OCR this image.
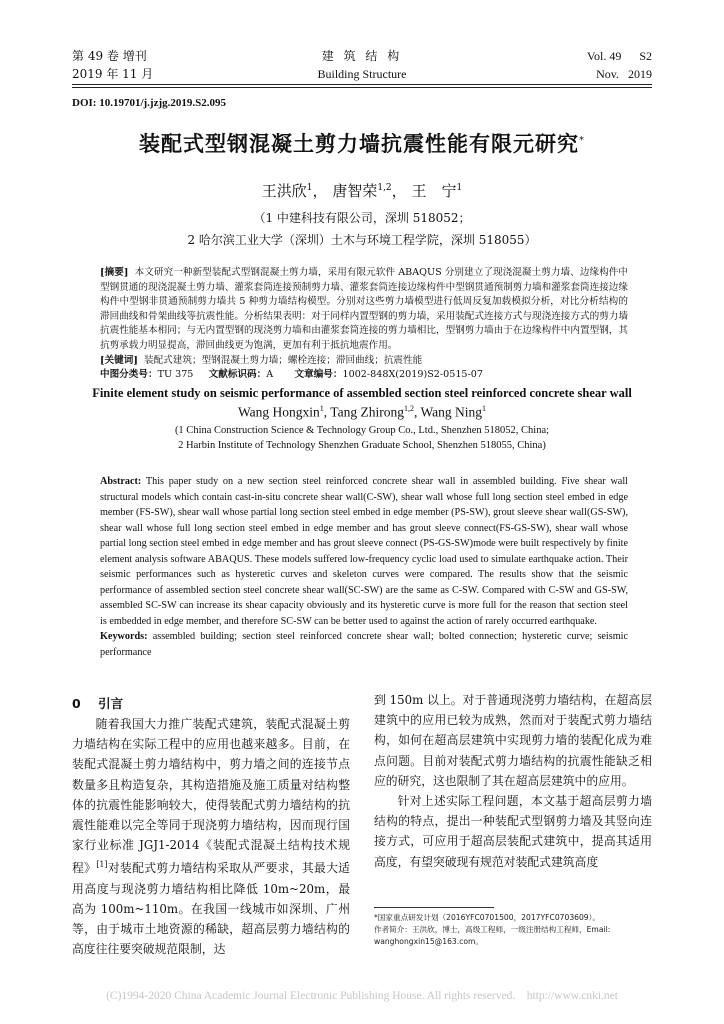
第 49 卷 增刊
2019 年 11 月
建 筑 结 构
Building Structure
Vol. 49      S2
Nov.   2019
DOI: 10.19701/j.jzjg.2019.S2.095
装配式型钢混凝土剪力墙抗震性能有限元研究*
王洪欣$^1$， 唐智荣$^{1,2}$， 王　宁$^1$
（1 中建科技有限公司，深圳 518052；
2 哈尔滨工业大学（深圳）土木与环境工程学院，深圳 518055）
[摘要] 本文研究一种新型装配式型钢混凝土剪力墙，采用有限元软件 ABAQUS 分别建立了现浇混凝土剪力墙、边缘构件中型钢贯通的现浇混凝土剪力墙、灌浆套筒连接预制剪力墙、灌浆套筒连接边缘构件中型钢贯通预制剪力墙和灌浆套筒连接边缘构件中型钢非贯通预制剪力墙共 5 种剪力墙结构模型。分别对这些剪力墙模型进行低周反复加载模拟分析，对比分析结构的滞回曲线和骨架曲线等抗震性能。分析结果表明：对于同样内置型钢的剪力墙，采用装配式连接方式与现浇连接方式的剪力墙抗震性能基本相同；与无内置型钢的现浇剪力墙和由灌浆套筒连接的剪力墙相比，型钢剪力墙由于在边缘构件中内置型钢，其抗剪承载力明显提高，滞回曲线更为饱满，更加有利于抵抗地震作用。
[关键词] 装配式建筑；型钢混凝土剪力墙；螺栓连接；滞回曲线；抗震性能
中图分类号：TU 375 文献标识码：A 文章编号：1002-848X(2019)S2-0515-07
Finite element study on seismic performance of assembled section steel reinforced concrete shear wall
Wang Hongxin$^1$, Tang Zhirong$^{1,2}$, Wang Ning$^1$
(1 China Construction Science & Technology Group Co., Ltd., Shenzhen 518052, China;
2 Harbin Institute of Technology Shenzhen Graduate School, Shenzhen 518055, China)
Abstract: This paper study on a new section steel reinforced concrete shear wall in assembled building. Five shear wall structural models which contain cast-in-situ concrete shear wall(C-SW), shear wall whose full long section steel embed in edge member (FS-SW), shear wall whose partial long section steel embed in edge member (PS-SW), grout sleeve shear wall(GS-SW), shear wall whose full long section steel embed in edge member and has grout sleeve connect(FS-GS-SW), shear wall whose partial long section steel embed in edge member and has grout sleeve connect (PS-GS-SW)mode were built respectively by finite element analysis software ABAQUS. These models suffered low-frequency cyclic load used to simulate earthquake action. Their seismic performances such as hysteretic curves and skeleton curves were compared. The results show that the seismic performance of assembled section steel concrete shear wall(SC-SW) are the same as C-SW. Compared with C-SW and GS-SW, assembled SC-SW can increase its shear capacity obviously and its hysteretic curve is more full for the reason that section steel is embedded in edge member, and therefore SC-SW can be better used to against the action of rarely occurred earthquake.
Keywords: assembled building; section steel reinforced concrete shear wall; bolted connection; hysteretic curve; seismic performance
0 引言

随着我国大力推广装配式建筑，装配式混凝土剪力墙结构在实际工程中的应用也越来越多。目前，在装配式混凝土剪力墙结构中，剪力墙之间的连接节点数量多且构造复杂，其构造措施及施工质量对结构整体的抗震性能影响较大，使得装配式剪力墙结构的抗震性能难以完全等同于现浇剪力墙结构，因而现行国家行业标准 JGJ1-2014《装配式混凝土结构技术规程》[1]对装配式剪力墙结构采取从严要求，其最大适用高度与现浇剪力墙结构相比降低 10m~20m，最高为 100m~110m。在我国一线城市如深圳、广州等，由于城市土地资源的稀缺，超高层剪力墙结构的高度往往要突破规范限制，达

到 150m 以上。对于普通现浇剪力墙结构，在超高层建筑中的应用已较为成熟，然而对于装配式剪力墙结构，如何在超高层建筑中实现剪力墙的装配化成为难点问题。目前对装配式剪力墙结构的抗震性能缺乏相应的研究，这也限制了其在超高层建筑中的应用。

针对上述实际工程问题，本文基于超高层剪力墙结构的特点，提出一种装配式型钢剪力墙及其竖向连接方式，可应用于超高层装配式建筑中，提高其适用高度，有望突破现有规范对装配式建筑高度

*国家重点研发计划（2016YFC0701500，2017YFC0703609）。
作者简介：王洪欣，博士，高级工程师，一级注册结构工程师，Email: wanghongxin15@163.com。
(C)1994-2020 China Academic Journal Electronic Publishing House. All rights reserved.    http://www.cnki.net
